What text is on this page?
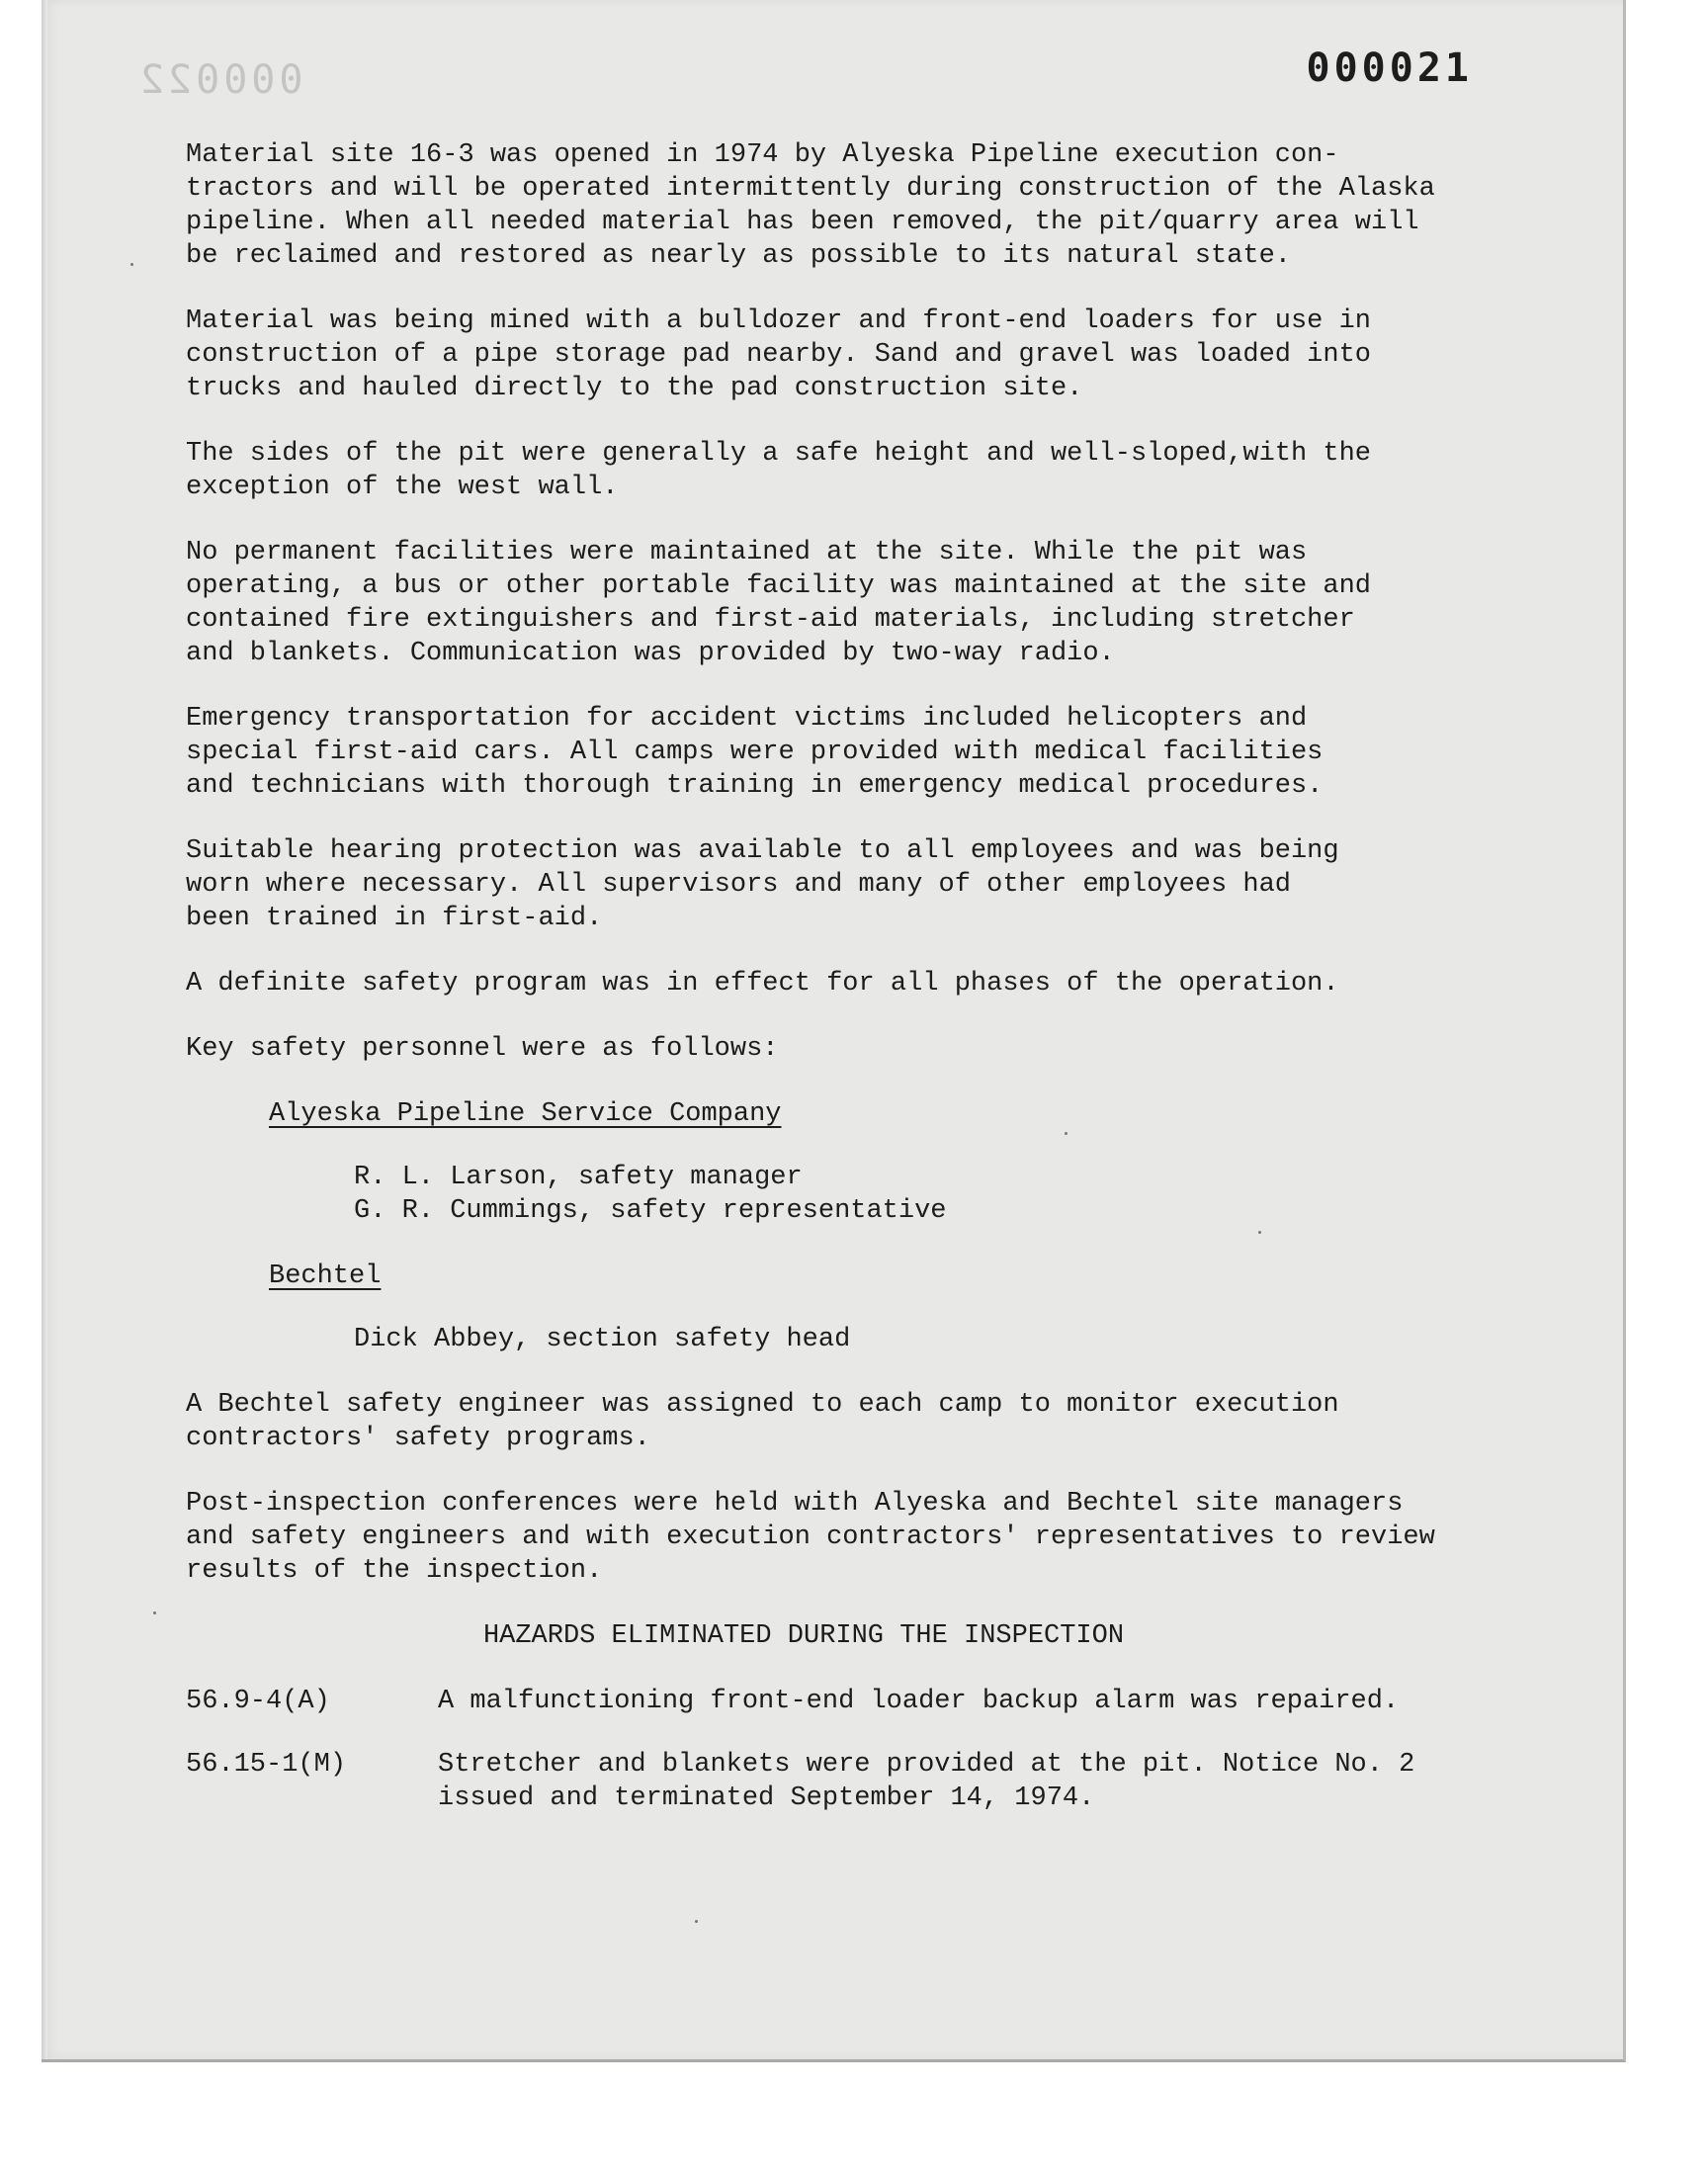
000022	000021

Material site 16-3 was opened in 1974 by Alyeska Pipeline execution con-
tractors and will be operated intermittently during construction of the Alaska
pipeline. When all needed material has been removed, the pit/quarry area will
be reclaimed and restored as nearly as possible to its natural state.

Material was being mined with a bulldozer and front-end loaders for use in
construction of a pipe storage pad nearby. Sand and gravel was loaded into
trucks and hauled directly to the pad construction site.

The sides of the pit were generally a safe height and well-sloped,with the
exception of the west wall.

No permanent facilities were maintained at the site. While the pit was
operating, a bus or other portable facility was maintained at the site and
contained fire extinguishers and first-aid materials, including stretcher
and blankets. Communication was provided by two-way radio.

Emergency transportation for accident victims included helicopters and
special first-aid cars. All camps were provided with medical facilities
and technicians with thorough training in emergency medical procedures.

Suitable hearing protection was available to all employees and was being
worn where necessary. All supervisors and many of other employees had
been trained in first-aid.

A definite safety program was in effect for all phases of the operation.

Key safety personnel were as follows:

Alyeska Pipeline Service Company
R. L. Larson, safety manager
G. R. Cummings, safety representative
Bechtel
Dick Abbey, section safety head

A Bechtel safety engineer was assigned to each camp to monitor execution
contractors' safety programs.

Post-inspection conferences were held with Alyeska and Bechtel site managers
and safety engineers and with execution contractors' representatives to review
results of the inspection.

HAZARDS ELIMINATED DURING THE INSPECTION
56.9-4(A)	A malfunctioning front-end loader backup alarm was repaired.
56.15-1(M)	Stretcher and blankets were provided at the pit. Notice No. 2
issued and terminated September 14, 1974.
